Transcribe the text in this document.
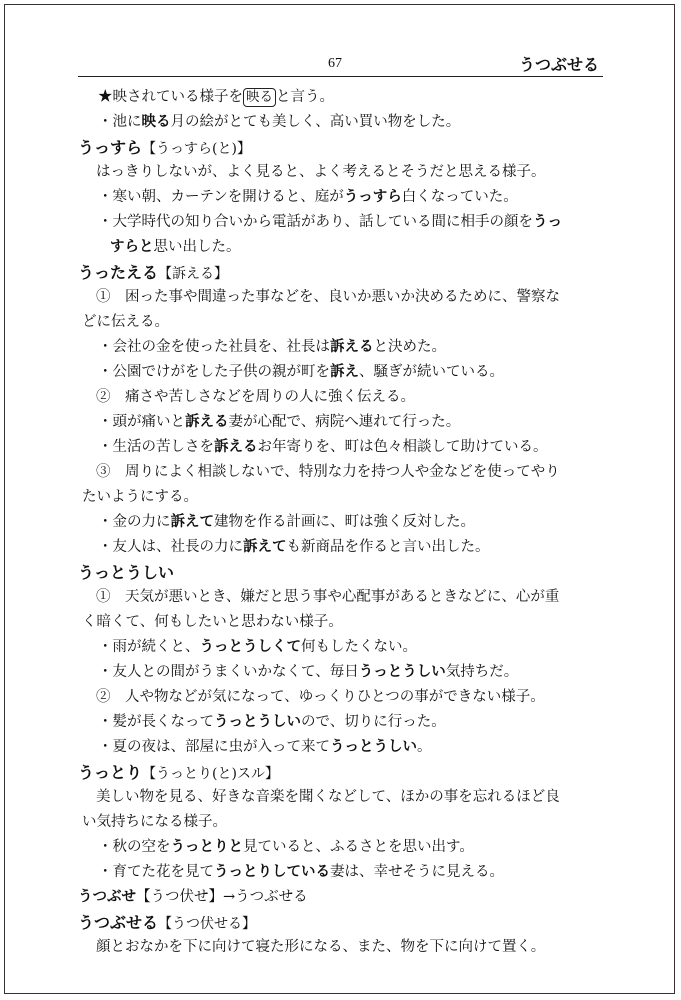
67	うつぶせる
★映されている様子を 映る と言う。
・池に映る月の絵がとても美しく、高い買い物をした。
うっすら【うっすら(と)】
はっきりしないが、よく見ると、よく考えるとそうだと思える様子。
・寒い朝、カーテンを開けると、庭がうっすら白くなっていた。
・大学時代の知り合いから電話があり、話している間に相手の顔をうっ
すらと思い出した。
うったえる【訴える】
①　困った事や間違った事などを、良いか悪いか決めるために、警察な
どに伝える。
・会社の金を使った社員を、社長は訴えると決めた。
・公園でけがをした子供の親が町を訴え、騒ぎが続いている。
②　痛さや苦しさなどを周りの人に強く伝える。
・頭が痛いと訴える妻が心配で、病院へ連れて行った。
・生活の苦しさを訴えるお年寄りを、町は色々相談して助けている。
③　周りによく相談しないで、特別な力を持つ人や金などを使ってやり
たいようにする。
・金の力に訴えて建物を作る計画に、町は強く反対した。
・友人は、社長の力に訴えても新商品を作ると言い出した。
うっとうしい
①　天気が悪いとき、嫌だと思う事や心配事があるときなどに、心が重
く暗くて、何もしたいと思わない様子。
・雨が続くと、うっとうしくて何もしたくない。
・友人との間がうまくいかなくて、毎日うっとうしい気持ちだ。
②　人や物などが気になって、ゆっくりひとつの事ができない様子。
・髪が長くなってうっとうしいので、切りに行った。
・夏の夜は、部屋に虫が入って来てうっとうしい。
うっとり【うっとり(と)スル】
美しい物を見る、好きな音楽を聞くなどして、ほかの事を忘れるほど良
い気持ちになる様子。
・秋の空をうっとりと見ていると、ふるさとを思い出す。
・育てた花を見てうっとりしている妻は、幸せそうに見える。
うつぶせ【うつ伏せ】→うつぶせる
うつぶせる【うつ伏せる】
顔とおなかを下に向けて寝た形になる、また、物を下に向けて置く。
